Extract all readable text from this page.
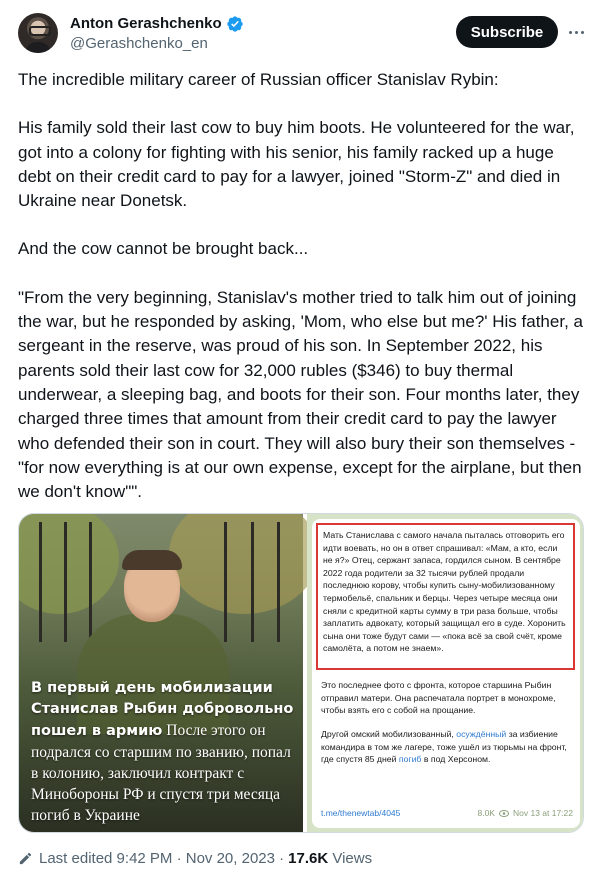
Anton Gerashchenko
@Gerashchenko_en
Subscribe

The incredible military career of Russian officer Stanislav Rybin:

His family sold their last cow to buy him boots. He volunteered for the war, got into a colony for fighting with his senior, his family racked up a huge debt on their credit card to pay for a lawyer, joined "Storm-Z" and died in Ukraine near Donetsk.

And the cow cannot be brought back...

"From the very beginning, Stanislav's mother tried to talk him out of joining the war, but he responded by asking, 'Mom, who else but me?' His father, a sergeant in the reserve, was proud of his son. In September 2022, his parents sold their last cow for 32,000 rubles ($346) to buy thermal underwear, a sleeping bag, and boots for their son. Four months later, they charged three times that amount from their credit card to pay the lawyer who defended their son in court. They will also bury their son themselves - "for now everything is at our own expense, except for the airplane, but then we don't know"".

В первый день мобилизации Станислав Рыбин добровольно пошел в армию После этого он подрался со старшим по званию, попал в колонию, заключил контракт с Минобороны РФ и спустя три месяца погиб в Украине
Мать Станислава с самого начала пыталась отговорить его идти воевать, но он в ответ спрашивал: «Мам, а кто, если не я?» Отец, сержант запаса, гордился сыном. В сентябре 2022 года родители за 32 тысячи рублей продали последнюю корову, чтобы купить сыну-мобилизованному термобельё, спальник и берцы. Через четыре месяца они сняли с кредитной карты сумму в три раза больше, чтобы заплатить адвокату, который защищал его в суде. Хоронить сына они тоже будут сами — «пока всё за свой счёт, кроме самолёта, а потом не знаем».
Это последнее фото с фронта, которое старшина Рыбин отправил матери. Она распечатала портрет в монохроме, чтобы взять его с собой на прощание.
Другой омский мобилизованный, осуждённый за избиение командира в том же лагере, тоже ушёл из тюрьмы на фронт, где спустя 85 дней погиб в под Херсоном.
t.me/thenewtab/4045	8.0K Nov 13 at 17:22
Last edited 9:42 PM · Nov 20, 2023 · 17.6K Views
